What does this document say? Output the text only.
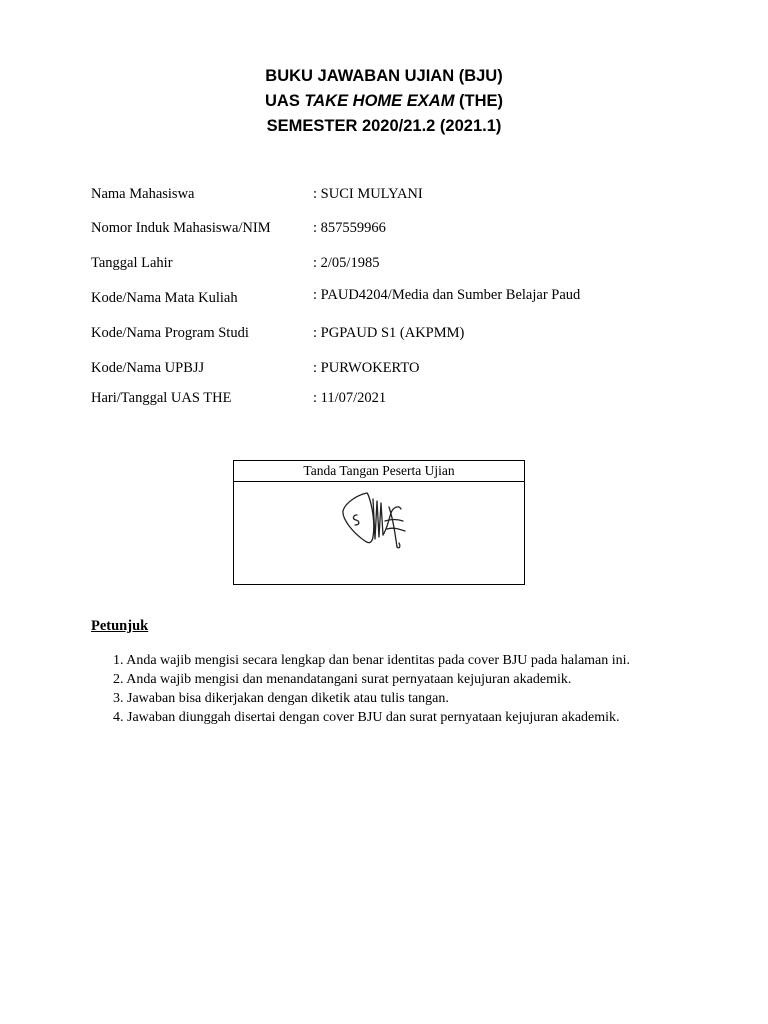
BUKU JAWABAN UJIAN (BJU)
UAS TAKE HOME EXAM (THE)
SEMESTER 2020/21.2 (2021.1)
Nama Mahasiswa	: SUCI MULYANI
Nomor Induk Mahasiswa/NIM	: 857559966
Tanggal Lahir	: 2/05/1985
Kode/Nama Mata Kuliah	: PAUD4204/Media dan Sumber Belajar Paud
Kode/Nama Program Studi	: PGPAUD S1 (AKPMM)
Kode/Nama UPBJJ	: PURWOKERTO
Hari/Tanggal UAS THE	: 11/07/2021
Tanda Tangan Peserta Ujian
Petunjuk
1. Anda wajib mengisi secara lengkap dan benar identitas pada cover BJU pada halaman ini.
2. Anda wajib mengisi dan menandatangani surat pernyataan kejujuran akademik.
3. Jawaban bisa dikerjakan dengan diketik atau tulis tangan.
4. Jawaban diunggah disertai dengan cover BJU dan surat pernyataan kejujuran akademik.
